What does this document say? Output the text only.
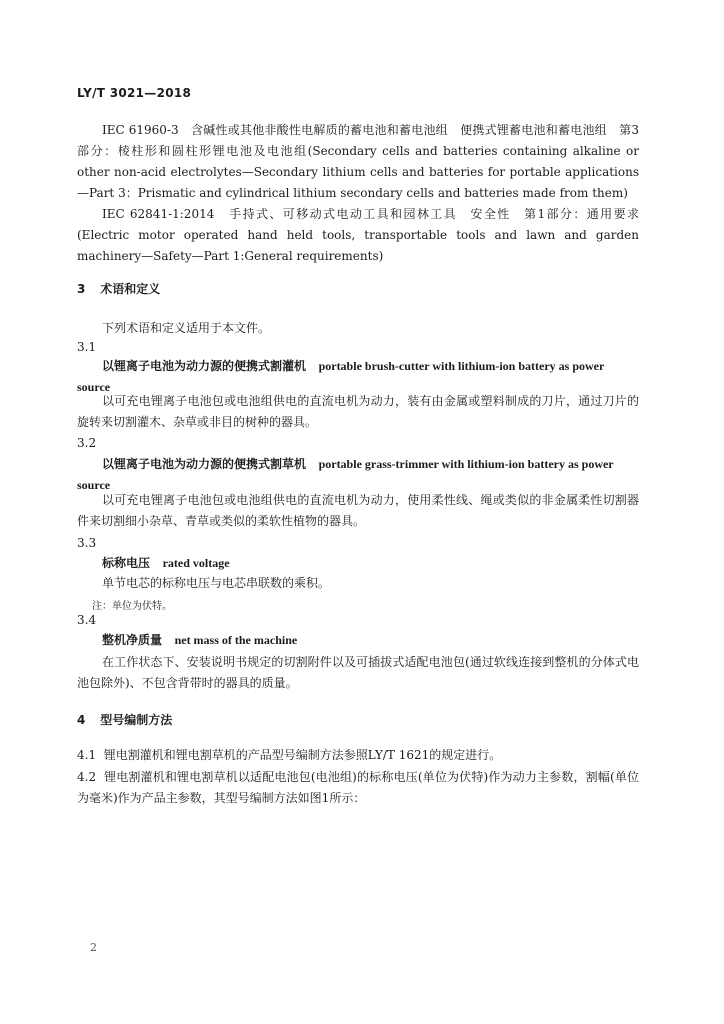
LY/T 3021—2018
IEC 61960-3　含碱性或其他非酸性电解质的蓄电池和蓄电池组　便携式锂蓄电池和蓄电池组　第3部分：棱柱形和圆柱形锂电池及电池组(Secondary cells and batteries containing alkaline or other non-acid electrolytes—Secondary lithium cells and batteries for portable applications—Part 3：Prismatic and cylindrical lithium secondary cells and batteries made from them)
IEC 62841-1:2014　手持式、可移动式电动工具和园林工具　安全性　第1部分：通用要求(Electric motor operated hand held tools, transportable tools and lawn and garden machinery—Safety—Part 1:General requirements)
3 术语和定义
下列术语和定义适用于本文件。
3.1
以锂离子电池为动力源的便携式割灌机 portable brush-cutter with lithium-ion battery as power source
以可充电锂离子电池包或电池组供电的直流电机为动力，装有由金属或塑料制成的刀片，通过刀片的旋转来切割灌木、杂草或非目的树种的器具。
3.2
以锂离子电池为动力源的便携式割草机 portable grass-trimmer with lithium-ion battery as power source
以可充电锂离子电池包或电池组供电的直流电机为动力，使用柔性线、绳或类似的非金属柔性切割器件来切割细小杂草、青草或类似的柔软性植物的器具。
3.3
标称电压 rated voltage
单节电芯的标称电压与电芯串联数的乘积。
注：单位为伏特。
3.4
整机净质量 net mass of the machine
在工作状态下、安装说明书规定的切割附件以及可插拔式适配电池包(通过软线连接到整机的分体式电池包除外)、不包含背带时的器具的质量。
4 型号编制方法
4.1 锂电割灌机和锂电割草机的产品型号编制方法参照LY/T 1621的规定进行。
4.2 锂电割灌机和锂电割草机以适配电池包(电池组)的标称电压(单位为伏特)作为动力主参数，割幅(单位为毫米)作为产品主参数，其型号编制方法如图1所示：
2
